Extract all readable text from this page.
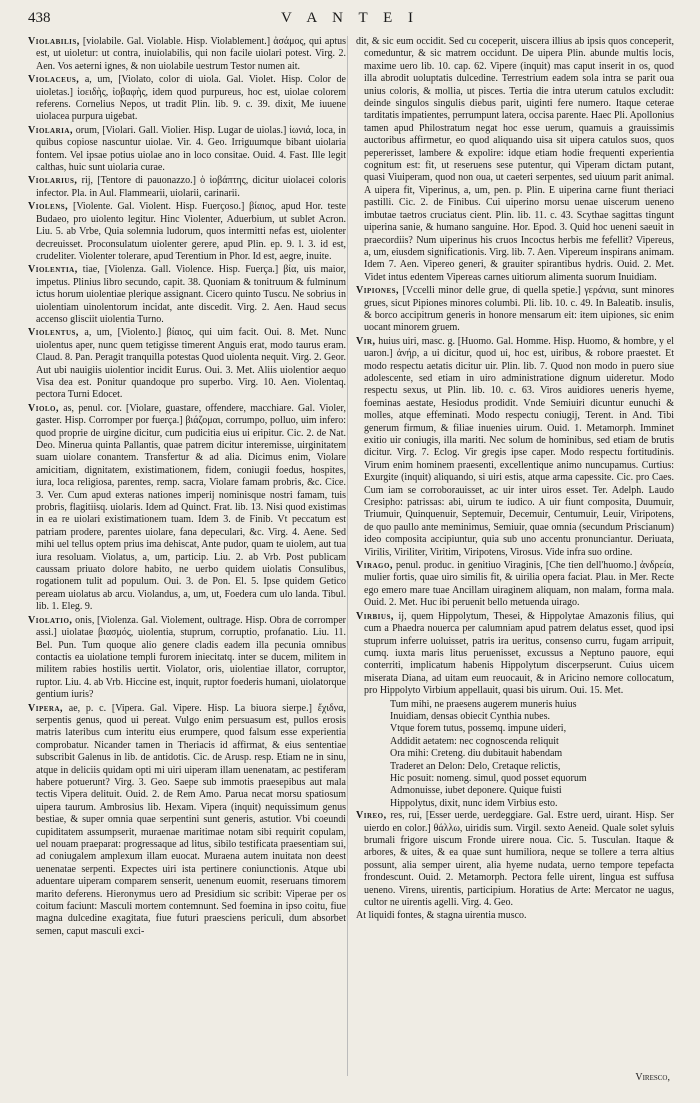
438	V A N T E I
Violabilis, [violabile. Gal. Violable. Hisp. Violablement.] ἀσάμος, qui aptus est, ut uioletur: ut contra, inuiolabilis, qui non facile uiolari potest. Virg. 2. Aen. Vos aeterni ignes, & non uiolabile uestrum Testor numen ait.
Violaceus, a, um, [Violato, color di uiola. Gal. Violet. Hisp. Color de uioletas.] ἰοειδὴς, ἰοβαφὴς, idem quod purpureus, hoc est, uiolae colorem referens. Cornelius Nepos, ut tradit Plin. lib. 9. c. 39. dixit, Me iuuene uiolacea purpura uigebat.
Violaria, orum, [Violari. Gall. Violier. Hisp. Lugar de uiolas.] ἰωνιά, loca, in quibus copiose nascuntur uiolae. Vir. 4. Geo. Irriguumque bibant uiolaria fontem. Vel ipsae potius uiolae ano in loco consitae. Ouid. 4. Fast. Ille legit calthas, huic sunt uiolaria curae.
Violarius, rij, [Tentore di pauonazzo.] ὁ ἰοβάπτης, dicitur uiolacei coloris infector. Pla. in Aul. Flammearii, uiolarii, carinarii.
Violens, [Violente. Gal. Violent. Hisp. Fuerçoso.] βίαιος, apud Hor. teste Budaeo, pro uiolento legitur. Hinc Violenter, Aduerbium, ut sublet Acron. Liu. 5. ab Vrbe, Quia solemnia ludorum, quos intermitti nefas est, uiolenter decreuisset. Proconsulatum uiolenter gerere, apud Plin. ep. 9. l. 3. id est, crudeliter. Violenter tolerare, apud Terentium in Phor. Id est, aegre, inuite.
Violentia, tiae, [Violenza. Gall. Violence. Hisp. Fuerça.] βία, uis maior, impetus. Plinius libro secundo, capit. 38. Quoniam & tonitruum & fulminum ictus horum uiolentiae plerique assignant. Cicero quinto Tuscu. Ne sobrius in uiolentiam uinolentorum incidat, ante discedit. Virg. 2. Aen. Haud secus accenso glisciit uiolentia Turno.
Violentus, a, um, [Violento.] βίαιος, qui uim facit. Oui. 8. Met. Nunc uiolentus aper, nunc quem tetigisse timerent Anguis erat, modo taurus eram. Claud. 8. Pan. Peragit tranquilla potestas Quod uiolenta nequit. Virg. 2. Geor. Aut ubi nauigiis uiolentior incidit Eurus. Oui. 3. Met. Aliis uiolentior aequo Visa dea est. Ponitur quandoque pro superbo. Virg. 10. Aen. Violentaq. pectora Turni Edocet.
Violo, as, penul. cor. [Violare, guastare, offendere, macchiare. Gal. Violer, gaster. Hisp. Corromper por fuerça.] βιάζομαι, corrumpo, polluo, uim infero: quod proprie de uirgine dicitur, cum pudicitia eius ui eripitur. Cic. 2. de Nat. Deo. Minerua quinta Pallantis, quae patrem dicitur interemisse, uirginitatem suam uiolare conantem. Transfertur & ad alia. Dicimus enim, Violare amicitiam, dignitatem, existimationem, fidem, coniugii foedus, hospites, iura, loca religiosa, parentes, remp. sacra, Violare famam probris, &c. Cice. 3. Ver. Cum apud exteras nationes imperij nominisque nostri famam, tuis probris, flagitiisq. uiolaris. Idem ad Quinct. Frat. lib. 13. Nisi quod existimas in ea re uiolari existimationem tuam. Idem 3. de Finib. Vt peccatum est patriam prodere, parentes uiolare, fana depeculari, &c. Virg. 4. Aene. Sed mihi uel tellus optem prius ima dehiscat, Ante pudor, quam te uiolem, aut tua iura resoluam. Violatus, a, um, particip. Liu. 2. ab Vrb. Post publicam caussam priuato dolore habito, ne uerbo quidem uiolatis Consulibus, rogationem tulit ad populum. Oui. 3. de Pon. El. 5. Ipse quidem Getico peream uiolatus ab arcu. Violandus, a, um, ut, Foedera cum ulo landa. Tibul. lib. 1. Eleg. 9.
Violatio, onis, [Violenza. Gal. Violement, oultrage. Hisp. Obra de corromper assi.] uiolatae βιασμός, uiolentia, stuprum, corruptio, profanatio. Liu. 11. Bel. Pun. Tum quoque alio genere cladis eadem illa pecunia omnibus contactis ea uiolatione templi furorem iniecitatq. inter se ducem, militem in militem rabies hostilis uertit. Violator, oris, uiolentiae illator, corruptor, ruptor. Liu. 4. ab Vrb. Hiccine est, inquit, ruptor foederis humani, uiolatorque gentium iuris?
Vipera, ae, p. c. [Vipera. Gal. Vipere. Hisp. La biuora sierpe.] ἔχιδνα, serpentis genus, quod ui pereat. Vulgo enim persuasum est, pullos erosis matris lateribus cum interitu eius erumpere, quod falsum esse experientia comprobatur. Nicander tamen in Theriacis id affirmat, & eius sententiae subscribit Galenus in lib. de antidotis. Cic. de Arusp. resp. Etiam ne in sinu, atque in deliciis quidam opti mi uiri uiperam illam uenenatam, ac pestiferam habere potuerunt? Virg. 3. Geo. Saepe sub immotis praesepibus aut mala tectis Vipera delituit. Ouid. 2. de Rem Amo. Parua necat morsu spatiosum uipera taurum. Ambrosius lib. Hexam. Vipera (inquit) nequissimum genus bestiae, & super omnia quae serpentini sunt generis, astutior. Vbi coeundi cupiditatem assumpserit, muraenae maritimae notam sibi requirit copulam, uel nouam praeparat: progressaque ad litus, sibilo testificata praesentiam sui, ad coniugalem amplexum illam euocat. Muraena autem inuitata non deest uenenatae serpenti. Expectes uiri ista pertinere coniunctionis. Atque ubi aduentare uiperam comparem senserit, uenenum euomit, reseruans timorem marito deferens. Hieronymus uero ad Presidium sic scribit: Viperae per os coitum faciunt: Masculi mortem contemnunt. Sed foemina in ipso coitu, fiue magna dulcedine exagitata, fiue futuri praesciens periculi, dum absorbet semen, caput masculi exci-
dit, & sic eum occidit. Sed cu coceperit, uiscera illius ab ipsis quos conceperit, comeduntur, & sic matrem occidunt. De uipera Plin. abunde multis locis, maxime uero lib. 10. cap. 62. Vipere (inquit) mas caput inserit in os, quod illa abrodit uoluptatis dulcedine. Terrestrium eadem sola intra se parit oua unius coloris, & mollia, ut pisces. Tertia die intra uterum catulos excludit: deinde singulos singulis diebus parit, uiginti fere numero. Itaque ceterae tarditatis impatientes, perrumpunt latera, occisa parente. Haec Pli. Apollonius tamen apud Philostratum negat hoc esse uerum, quamuis a grauissimis auctoribus affirmetur, eo quod aliquando uisa sit uipera catulos suos, quos pepererisset, lambere & expolire: idque etiam hodie frequenti experientia cognitum est: fit, ut reseruens sese putentur, qui Viperam dictam putant, quasi Viuiperam, quod non oua, ut caeteri serpentes, sed uiuum parit animal. A uipera fit, Viperinus, a, um, pen. p. Plin. E uiperina carne fiunt theriaci pastilli. Cic. 2. de Finibus. Cui uiperino morsu uenae uiscerum ueneno imbutae taetros cruciatus cient. Plin. lib. 11. c. 43. Scythae sagittas tingunt uiperina sanie, & humano sanguine. Hor. Epod. 3. Quid hoc ueneni saeuit in praecordiis? Num uiperinus his cruos Incoctus herbis me fefellit? Vipereus, a, um, eiusdem significationis. Virg. lib. 7. Aen. Vipereum inspirans animam. Idem 7. Aen. Vipereo generi, & grauiter spirantibus hydris. Ouid. 2. Met. Videt intus edentem Vipereas carnes uitiorum alimenta suorum Inuidiam.
Vipiones, [Vccelli minor delle grue, di quella spetie.] γεράνια, sunt minores grues, sicut Pipiones minores columbi. Pli. lib. 10. c. 49. In Baleatib. insulis, & borco accipitrum generis in honore mensarum eit: item uipiones, sic enim uocant minorem gruem.
Vir, huius uiri, masc. g. [Huomo. Gal. Homme. Hisp. Huomo, & hombre, y el uaron.] ἀνήρ, a ui dicitur, quod ui, hoc est, uiribus, & robore praestet. Et modo respectu aetatis dicitur uir. Plin. lib. 7. Quod non modo in puero siue adolescente, sed etiam in uiro administratione dignum uideretur. Modo respectu sexus, ut Plin. lib. 10. c. 63. Viros auidiores ueneris hyeme, foeminas aestate, Hesiodus prodidit. Vnde Semiuiri dicuntur eunuchi & molles, atque effeminati. Modo respectu coniugij, Terent. in And. Tibi generum firmum, & filiae inuenies uirum. Ouid. 1. Metamorph. Imminet exitio uir coniugis, illa mariti. Nec solum de hominibus, sed etiam de brutis dicitur. Virg. 7. Eclog. Vir gregis ipse caper. Modo respectu fortitudinis. Virum enim hominem praesenti, excellentique animo nuncupamus. Curtius: Exurgite (inquit) aliquando, si uiri estis, atque arma capessite. Cic. pro Caes. Cum iam se corroborauisset, ac uir inter uiros esset. Ter. Adelph. Laudo Cresipho: patrissas: abi, uirum te iudico. A uir fiunt composita, Duumuir, Triumuir, Quinquenuir, Septemuir, Decemuir, Centumuir, Leuir, Viripotens, de quo paullo ante meminimus, Semiuir, quae omnia (secundum Priscianum) ideo composita accipiuntur, quia sub uno accentu pronunciantur. Deriuata, Virilis, Viriliter, Viritim, Viripotens, Virosus. Vide infra suo ordine.
Virago, penul. produc. in genitiuo Viraginis, [Che tien dell'huomo.] ἀνδρεία, mulier fortis, quae uiro similis fit, & uirilia opera faciat. Plau. in Mer. Recte ego emero mare tuae Ancillam uiraginem aliquam, non malam, forma mala. Ouid. 2. Met. Huc ibi peruenit bello metuenda uirago.
Virbius, ij, quem Hippolytum, Thesei, & Hippolytae Amazonis filius, qui cum a Phaedra nouerca per calumniam apud patrem delatus esset, quod ipsi stuprum inferre uoluisset, patris ira ueritus, consenso curru, fugam arripuit, cumq. iuxta maris litus peruenisset, excussus a Neptuno pauore, equi conterriti, implicatum habenis Hippolytum discerpserunt. Cuius uicem miserata Diana, ad uitam eum reuocauit, & in Aricino nemore collocatum, pro Hippolyto Virbium appellauit, quasi bis uirum. Oui. 15. Met.
Tum mihi, ne praesens augerem muneris huius
Inuidiam, densas obiecit Cynthia nubes.
Vtque forem tutus, possemq. impune uideri,
Addidit aetatem: nec cognoscenda reliquit
Ora mihi: Creteng. diu dubitauit habendam
Traderet an Delon: Delo, Cretaque relictis,
Hic posuit: nomeng. simul, quod posset equorum
Admonuisse, iubet deponere. Quique fuisti
Hippolytus, dixit, nunc idem Virbius esto.
Vireo, res, rui, [Esser uerde, uerdeggiare. Gal. Estre uerd, uirant. Hisp. Ser uierdo en color.] θάλλω, uiridis sum. Virgil. sexto Aeneid. Quale solet syluis brumali frigore uiscum Fronde uirere noua. Cic. 5. Tusculan. Itaque & arbores, & uites, & ea quae sunt humiliora, neque se tollere a terra altius possunt, alia semper uirent, alia hyeme nudata, uerno tempore tepefacta frondescunt. Ouid. 2. Metamorph. Pectora felle uirent, lingua est suffusa ueneno. Virens, uirentis, participium. Horatius de Arte: Mercator ne uagus, cultor ne uirentis agelli. Virg. 4. Geo.
At liquidi fontes, & stagna uirentia musco.
Viresco,
